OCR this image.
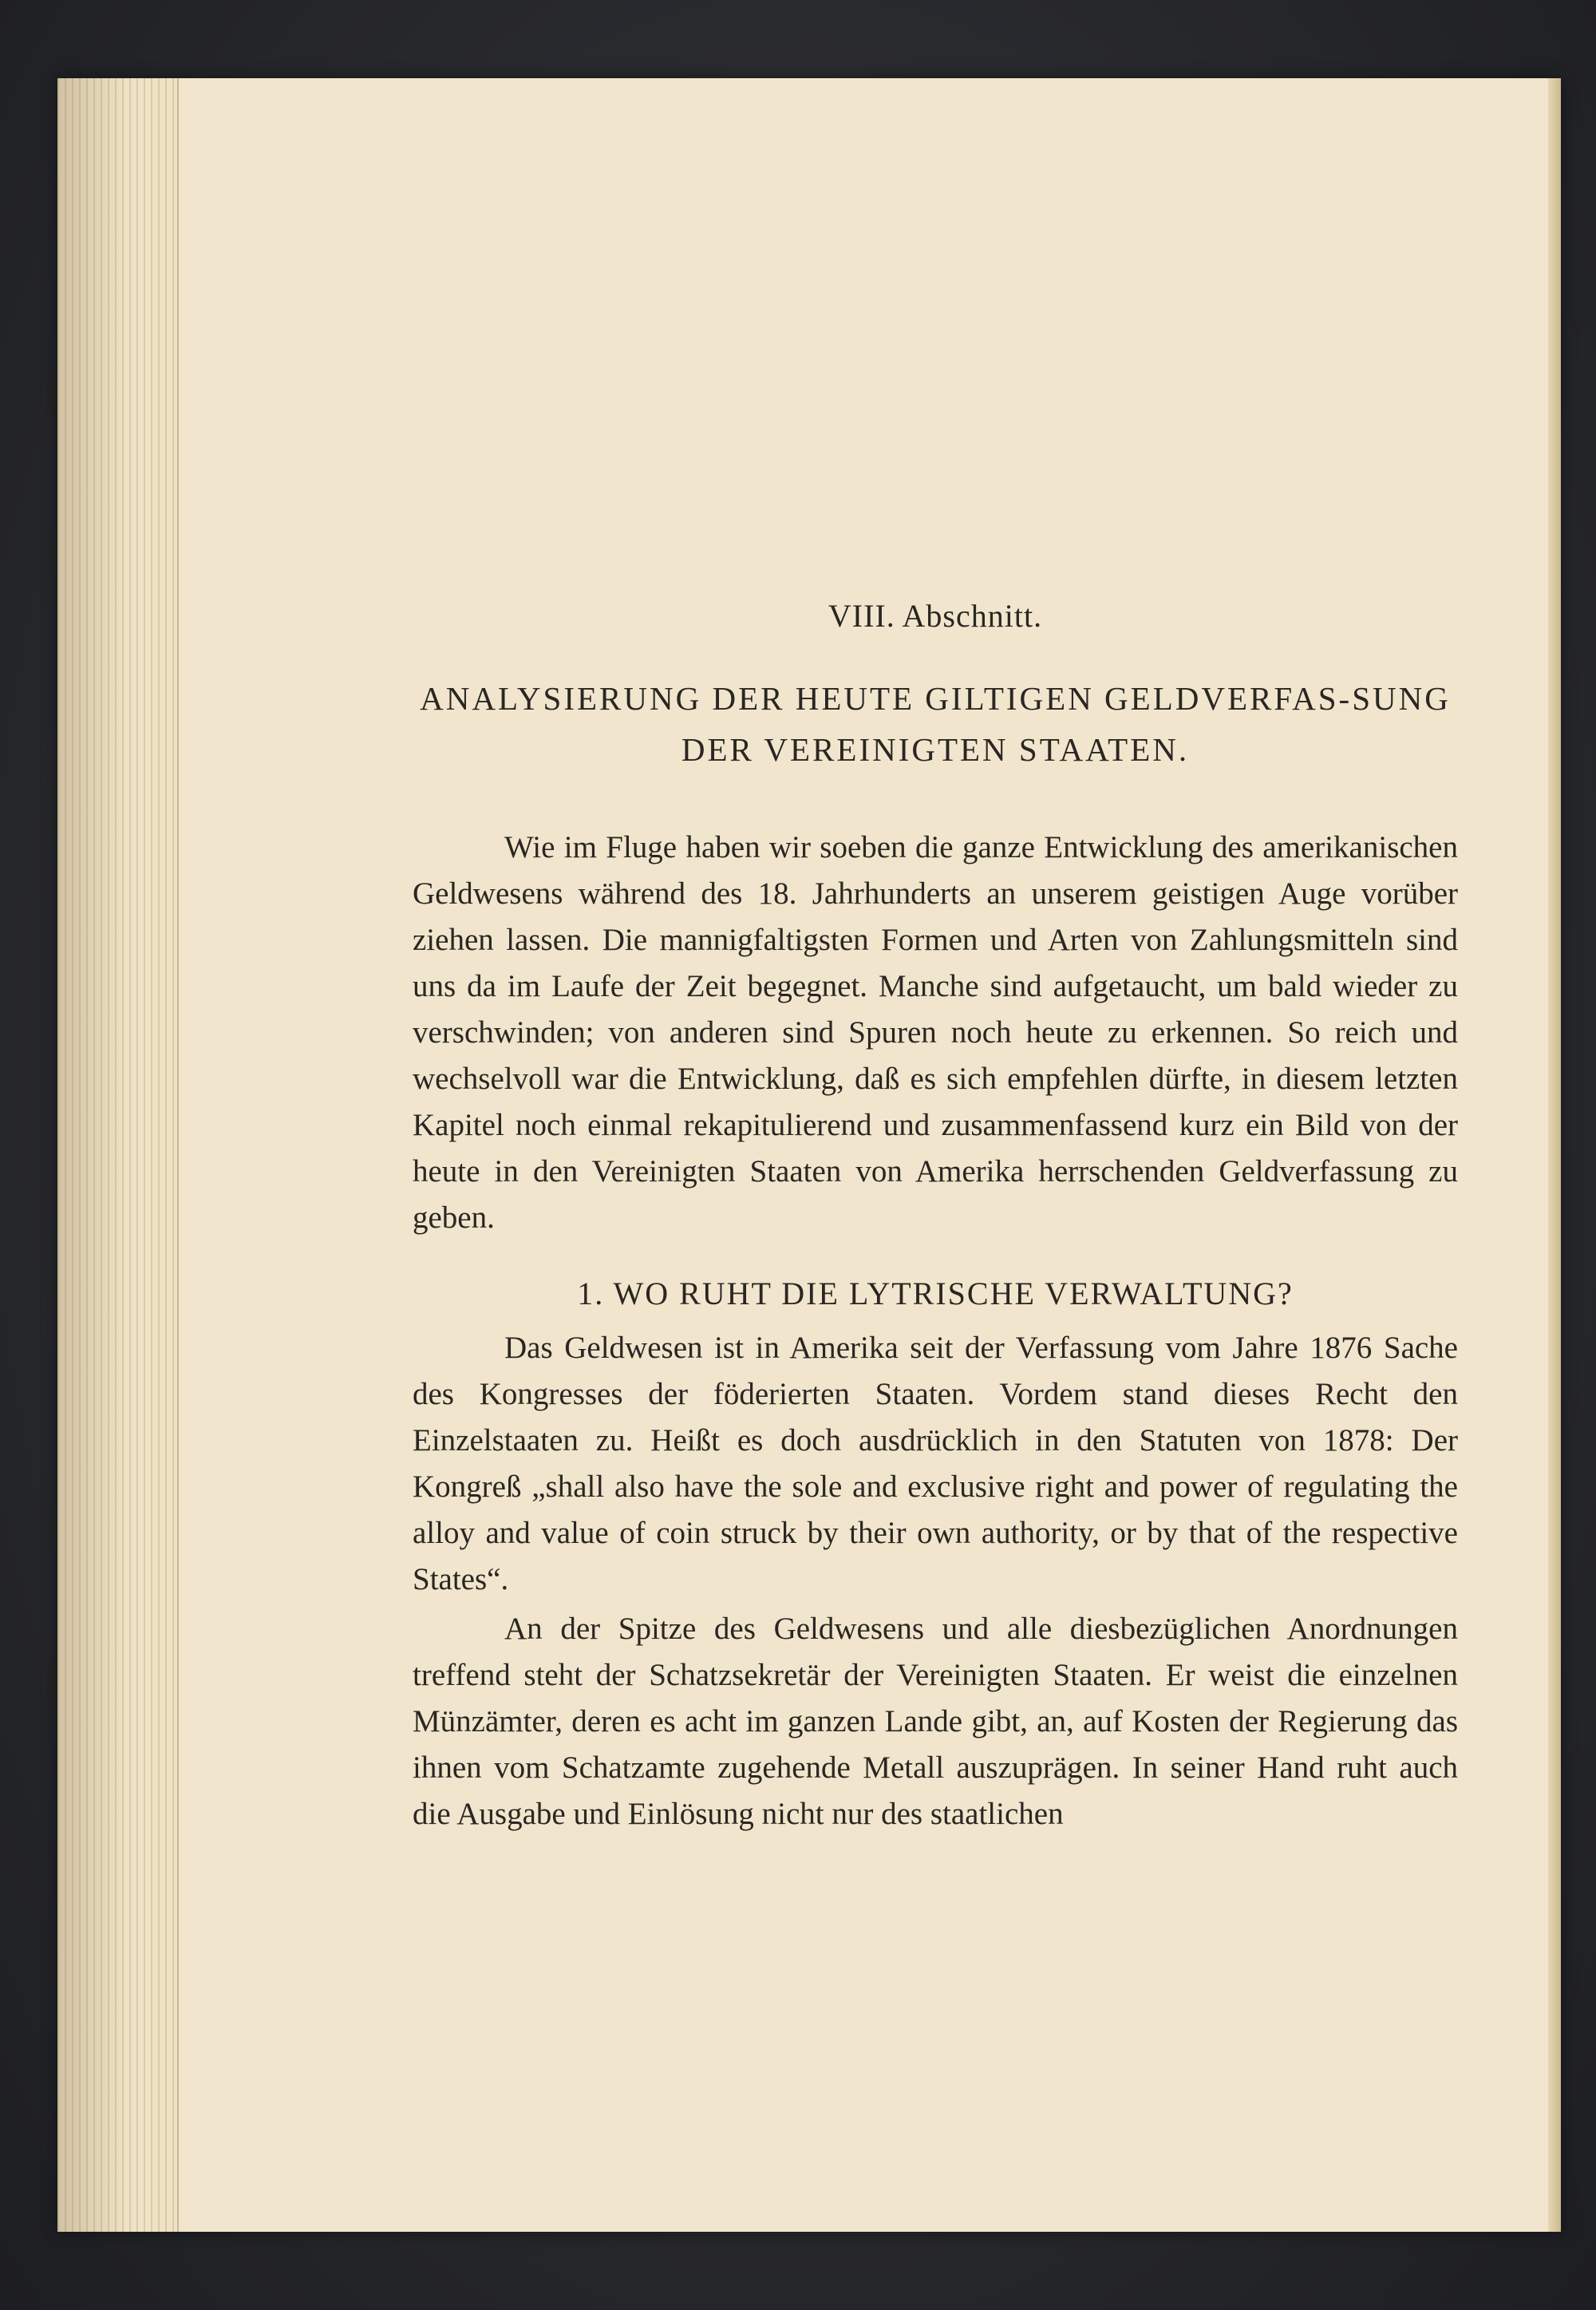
VIII. Abschnitt.
ANALYSIERUNG DER HEUTE GILTIGEN GELDVERFAS-SUNG DER VEREINIGTEN STAATEN.

Wie im Fluge haben wir soeben die ganze Entwicklung des amerikanischen Geldwesens während des 18. Jahrhunderts an unserem geistigen Auge vorüber ziehen lassen. Die mannigfaltigsten Formen und Arten von Zahlungsmitteln sind uns da im Laufe der Zeit begegnet. Manche sind aufgetaucht, um bald wieder zu verschwinden; von anderen sind Spuren noch heute zu erkennen. So reich und wechselvoll war die Entwicklung, daß es sich empfehlen dürfte, in diesem letzten Kapitel noch einmal rekapitulierend und zusammenfassend kurz ein Bild von der heute in den Vereinigten Staaten von Amerika herrschenden Geldverfassung zu geben.

1. WO RUHT DIE LYTRISCHE VERWALTUNG?

Das Geldwesen ist in Amerika seit der Verfassung vom Jahre 1876 Sache des Kongresses der föderierten Staaten. Vordem stand dieses Recht den Einzelstaaten zu. Heißt es doch ausdrücklich in den Statuten von 1878: Der Kongreß „shall also have the sole and exclusive right and power of regulating the alloy and value of coin struck by their own authority, or by that of the respective States“.

An der Spitze des Geldwesens und alle diesbezüglichen Anordnungen treffend steht der Schatzsekretär der Vereinigten Staaten. Er weist die einzelnen Münzämter, deren es acht im ganzen Lande gibt, an, auf Kosten der Regierung das ihnen vom Schatzamte zugehende Metall auszuprägen. In seiner Hand ruht auch die Ausgabe und Einlösung nicht nur des staatlichen
